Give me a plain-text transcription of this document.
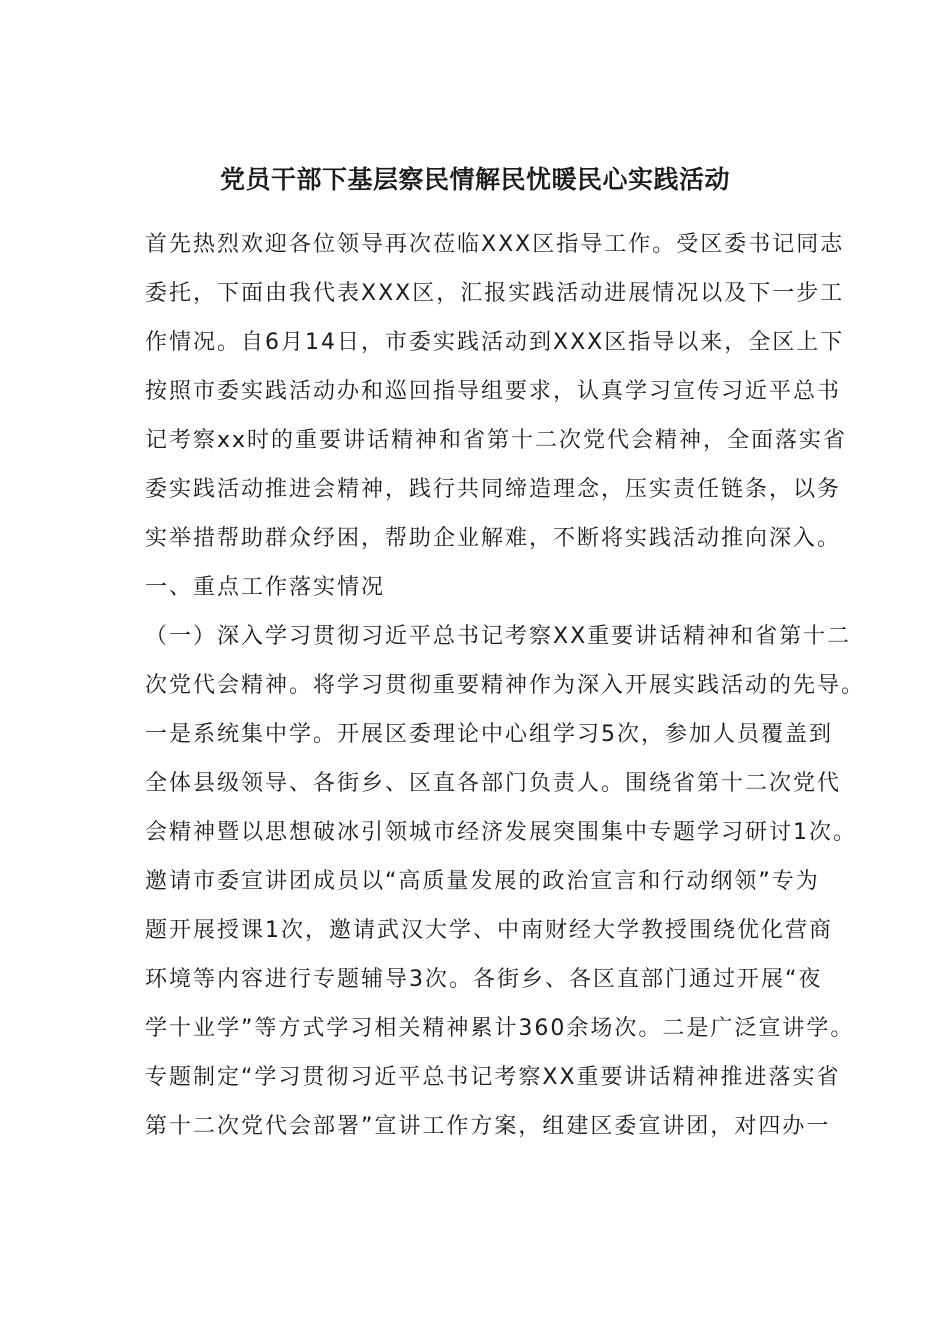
党员干部下基层察民情解民忧暖民心实践活动
首先热烈欢迎各位领导再次莅临XXX区指导工作。受区委书记同志
委托，下面由我代表XXX区，汇报实践活动进展情况以及下一步工
作情况。自6月14日，市委实践活动到XXX区指导以来，全区上下
按照市委实践活动办和巡回指导组要求，认真学习宣传习近平总书
记考察xx时的重要讲话精神和省第十二次党代会精神，全面落实省
委实践活动推进会精神，践行共同缔造理念，压实责任链条，以务
实举措帮助群众纾困，帮助企业解难，不断将实践活动推向深入。
一、重点工作落实情况
（一）深入学习贯彻习近平总书记考察XX重要讲话精神和省第十二
次党代会精神。将学习贯彻重要精神作为深入开展实践活动的先导。
一是系统集中学。开展区委理论中心组学习5次，参加人员覆盖到
全体县级领导、各街乡、区直各部门负责人。围绕省第十二次党代
会精神暨以思想破冰引领城市经济发展突围集中专题学习研讨1次。
邀请市委宣讲团成员以“高质量发展的政治宣言和行动纲领”专为
题开展授课1次，邀请武汉大学、中南财经大学教授围绕优化营商
环境等内容进行专题辅导3次。各街乡、各区直部门通过开展“夜
学十业学”等方式学习相关精神累计360余场次。二是广泛宣讲学。
专题制定“学习贯彻习近平总书记考察XX重要讲话精神推进落实省
第十二次党代会部署”宣讲工作方案，组建区委宣讲团，对四办一
